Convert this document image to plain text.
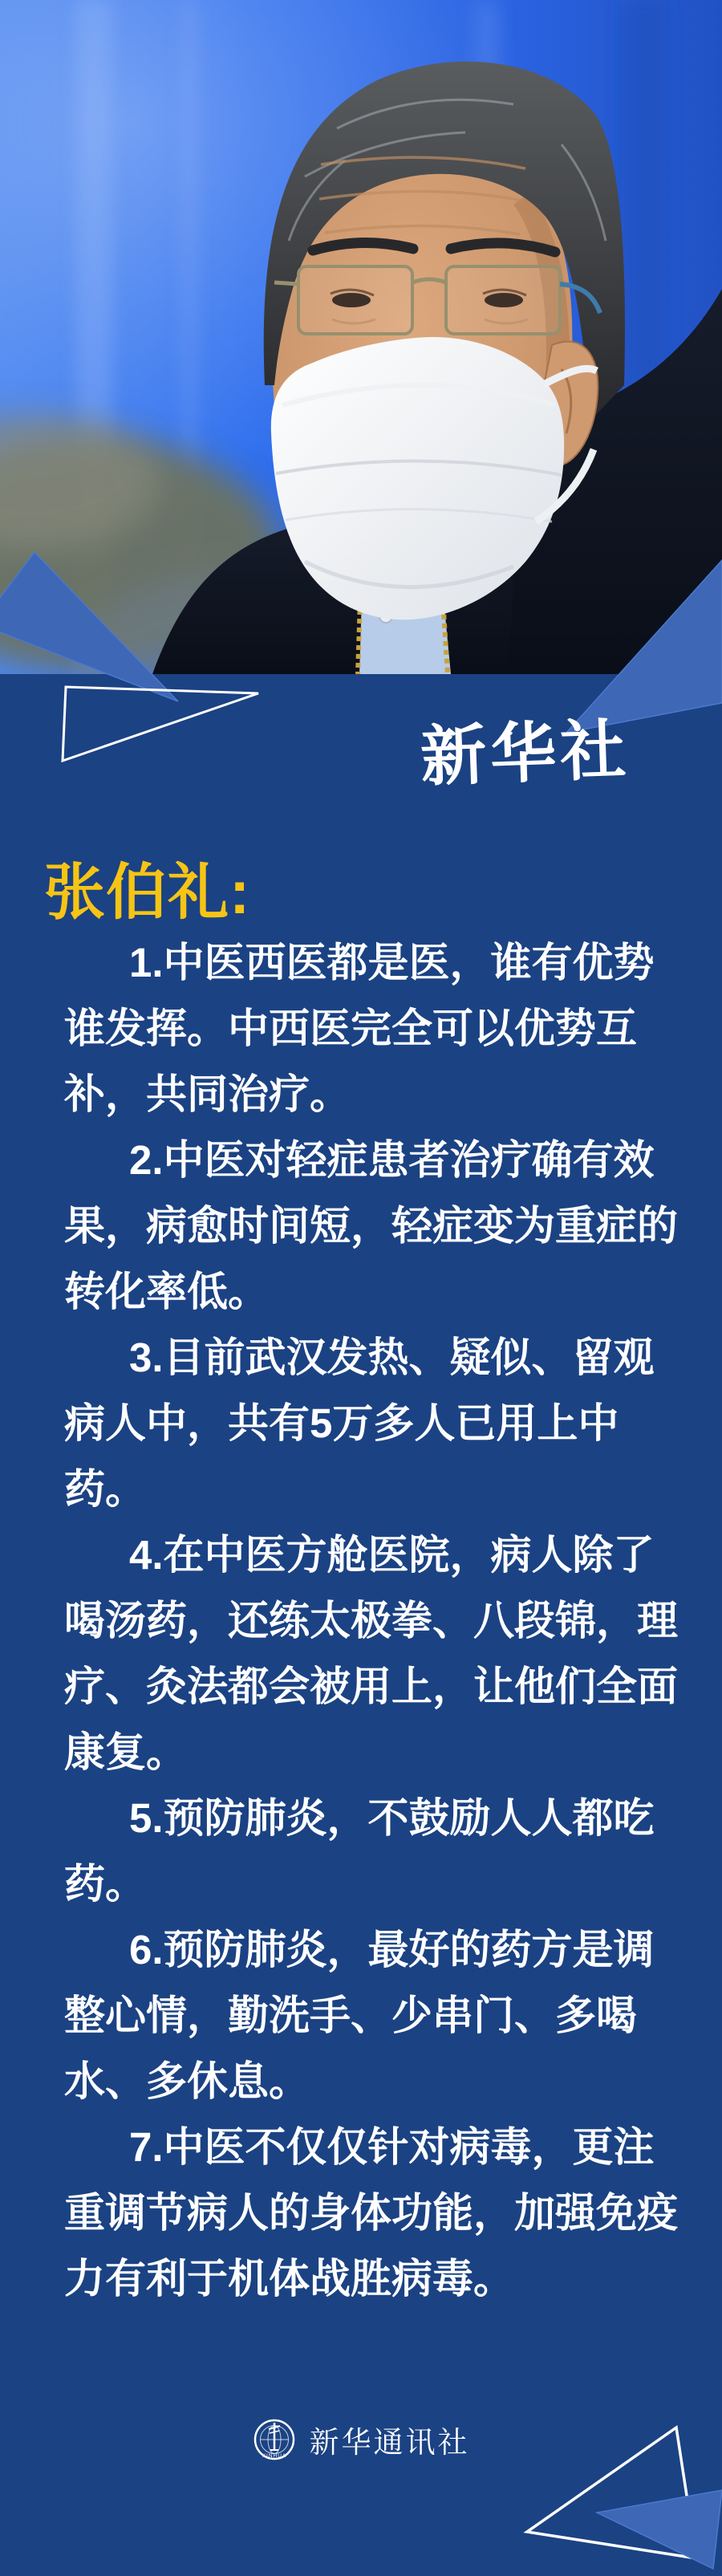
新华社
张伯礼:
1.中医西医都是医，谁有优势
谁发挥。中西医完全可以优势互
补，共同治疗。
2.中医对轻症患者治疗确有效
果，病愈时间短，轻症变为重症的
转化率低。
3.目前武汉发热、疑似、留观
病人中，共有5万多人已用上中
药。
4.在中医方舱医院，病人除了
喝汤药，还练太极拳、八段锦，理
疗、灸法都会被用上，让他们全面
康复。
5.预防肺炎，不鼓励人人都吃
药。
6.预防肺炎，最好的药方是调
整心情，勤洗手、少串门、多喝
水、多休息。
7.中医不仅仅针对病毒，更注
重调节病人的身体功能，加强免疫
力有利于机体战胜病毒。
XINHUA 新华通讯社
